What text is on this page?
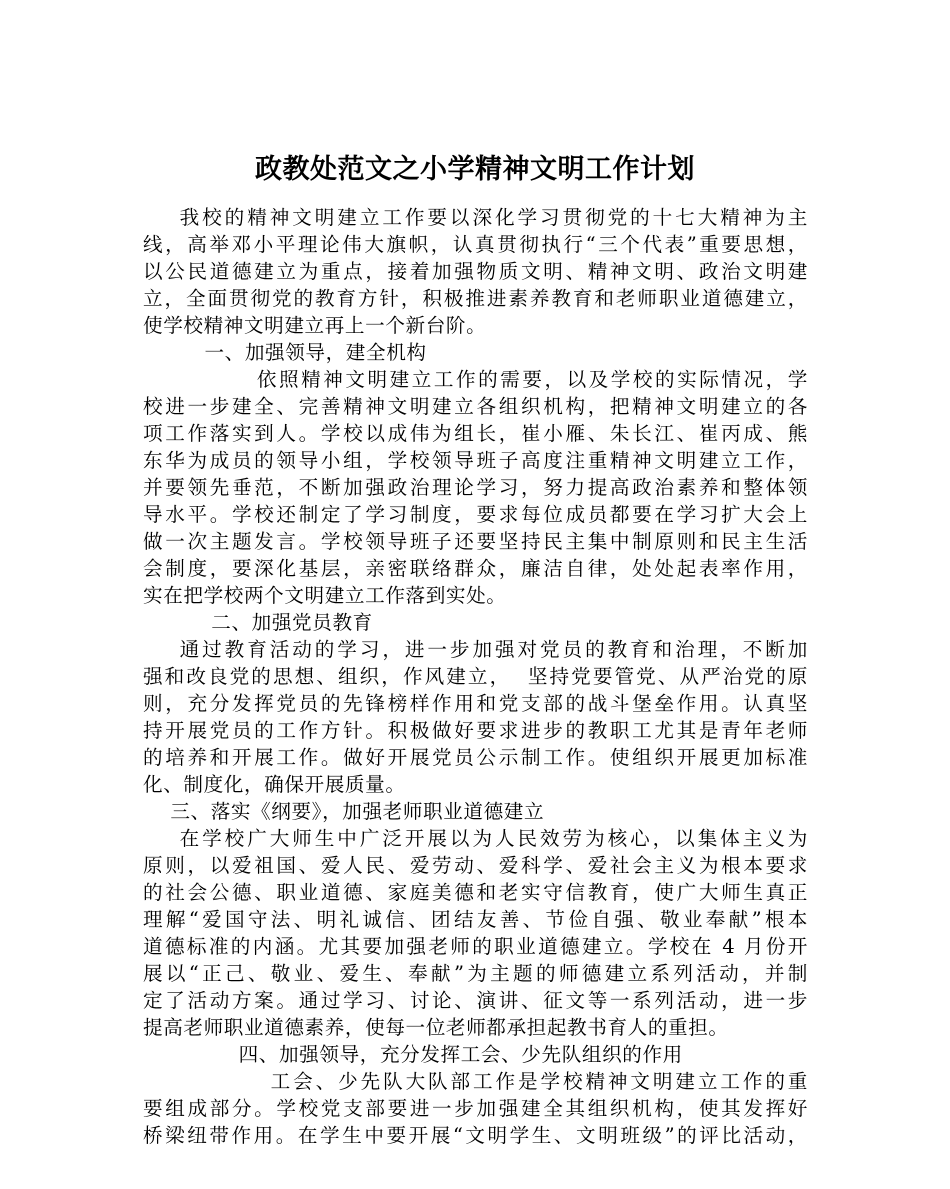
政教处范文之小学精神文明工作计划
我校的精神文明建立工作要以深化学习贯彻党的十七大精神为主
线，高举邓小平理论伟大旗帜，认真贯彻执行“三个代表”重要思想，
以公民道德建立为重点，接着加强物质文明、精神文明、政治文明建
立，全面贯彻党的教育方针，积极推进素养教育和老师职业道德建立，
使学校精神文明建立再上一个新台阶。
一、加强领导，建全机构
依照精神文明建立工作的需要，以及学校的实际情况，学
校进一步建全、完善精神文明建立各组织机构，把精神文明建立的各
项工作落实到人。学校以成伟为组长，崔小雁、朱长江、崔丙成、熊
东华为成员的领导小组，学校领导班子高度注重精神文明建立工作，
并要领先垂范，不断加强政治理论学习，努力提高政治素养和整体领
导水平。学校还制定了学习制度，要求每位成员都要在学习扩大会上
做一次主题发言。学校领导班子还要坚持民主集中制原则和民主生活
会制度，要深化基层，亲密联络群众，廉洁自律，处处起表率作用，
实在把学校两个文明建立工作落到实处。
二、加强党员教育
通过教育活动的学习，进一步加强对党员的教育和治理，不断加
强和改良党的思想、组织，作风建立，  坚持党要管党、从严治党的原
则，充分发挥党员的先锋榜样作用和党支部的战斗堡垒作用。认真坚
持开展党员的工作方针。积极做好要求进步的教职工尤其是青年老师
的培养和开展工作。做好开展党员公示制工作。使组织开展更加标准
化、制度化，确保开展质量。
三、落实《纲要》，加强老师职业道德建立
在学校广大师生中广泛开展以为人民效劳为核心，以集体主义为
原则，以爱祖国、爱人民、爱劳动、爱科学、爱社会主义为根本要求
的社会公德、职业道德、家庭美德和老实守信教育，使广大师生真正
理解“爱国守法、明礼诚信、团结友善、节俭自强、敬业奉献”根本
道德标准的内涵。尤其要加强老师的职业道德建立。学校在 4 月份开
展以“正己、敬业、爱生、奉献”为主题的师德建立系列活动，并制
定了活动方案。通过学习、讨论、演讲、征文等一系列活动，进一步
提高老师职业道德素养，使每一位老师都承担起教书育人的重担。
四、加强领导，充分发挥工会、少先队组织的作用
工会、少先队大队部工作是学校精神文明建立工作的重
要组成部分。学校党支部要进一步加强建全其组织机构，使其发挥好
桥梁纽带作用。在学生中要开展“文明学生、文明班级”的评比活动，
